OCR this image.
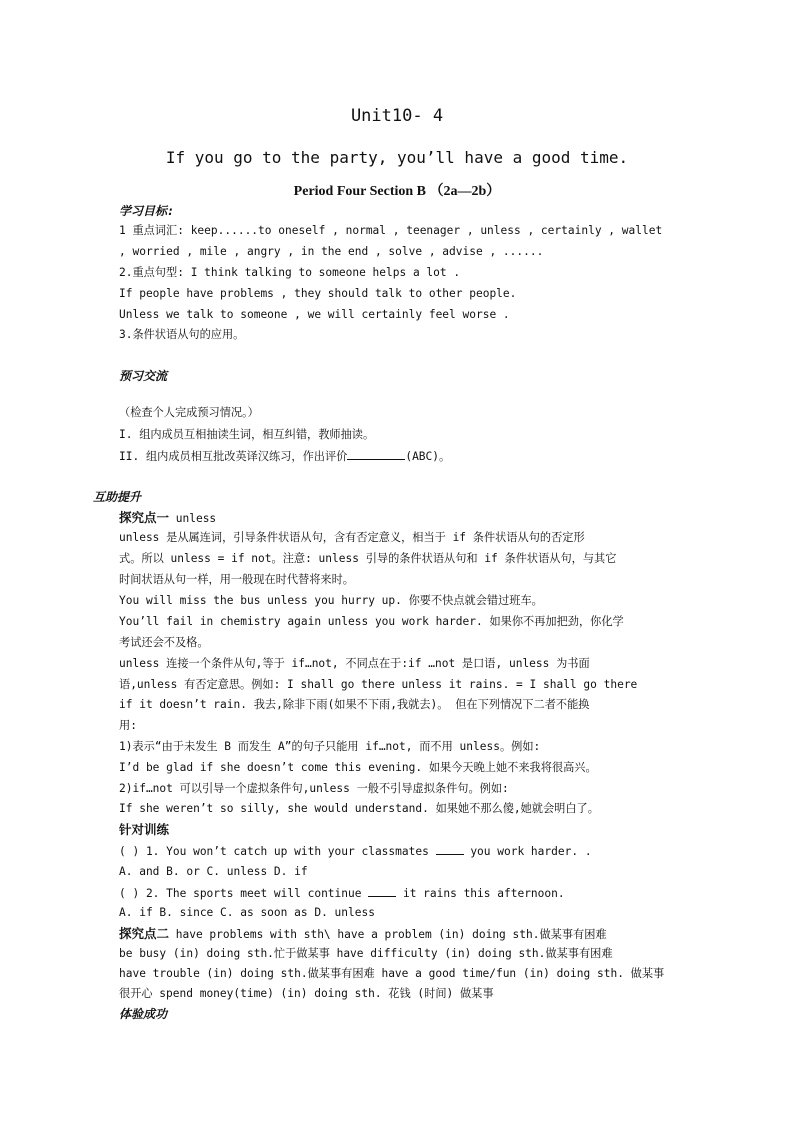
Unit10- 4
If you go to the party, you’ll have a good time.
Period Four Section B （2a—2b）
学习目标:
1 重点词汇: keep......to oneself , normal , teenager , unless , certainly , wallet
, worried , mile , angry , in the end , solve , advise , ......
2.重点句型: I think talking to someone helps a lot .
If people have problems , they should talk to other people.
Unless we talk to someone , we will certainly feel worse .
3.条件状语从句的应用。
预习交流
（检查个人完成预习情况。）
I. 组内成员互相抽读生词，相互纠错，教师抽读。
II. 组内成员相互批改英译汉练习，作出评价	(ABC)。
互助提升
探究点一 unless
unless 是从属连词，引导条件状语从句，含有否定意义，相当于 if 条件状语从句的否定形
式。所以 unless = if not。注意: unless 引导的条件状语从句和 if 条件状语从句，与其它
时间状语从句一样，用一般现在时代替将来时。
You will miss the bus unless you hurry up. 你要不快点就会错过班车。
You’ll fail in chemistry again unless you work harder. 如果你不再加把劲，你化学
考试还会不及格。
unless 连接一个条件从句,等于 if…not, 不同点在于:if …not 是口语, unless 为书面
语,unless 有否定意思。例如: I shall go there unless it rains. = I shall go there
if it doesn’t rain. 我去,除非下雨(如果不下雨,我就去)。 但在下列情况下二者不能换
用:
1)表示“由于未发生 B 而发生 A”的句子只能用 if…not, 而不用 unless。例如:
I’d be glad if she doesn’t come this evening. 如果今天晚上她不来我将很高兴。
2)if…not 可以引导一个虚拟条件句,unless 一般不引导虚拟条件句。例如:
If she weren’t so silly, she would understand. 如果她不那么傻,她就会明白了。
针对训练
( ) 1. You won’t catch up with your classmates	you work harder. .
A. and B. or C. unless D. if
( ) 2. The sports meet will continue	it rains this afternoon.
A. if B. since C. as soon as D. unless
探究点二 have problems with sth\ have a problem (in) doing sth.做某事有困难
be busy (in) doing sth.忙于做某事 have difficulty (in) doing sth.做某事有困难
have trouble (in) doing sth.做某事有困难 have a good time/fun (in) doing sth. 做某事
很开心 spend money(time) (in) doing sth. 花钱 (时间) 做某事
体验成功
